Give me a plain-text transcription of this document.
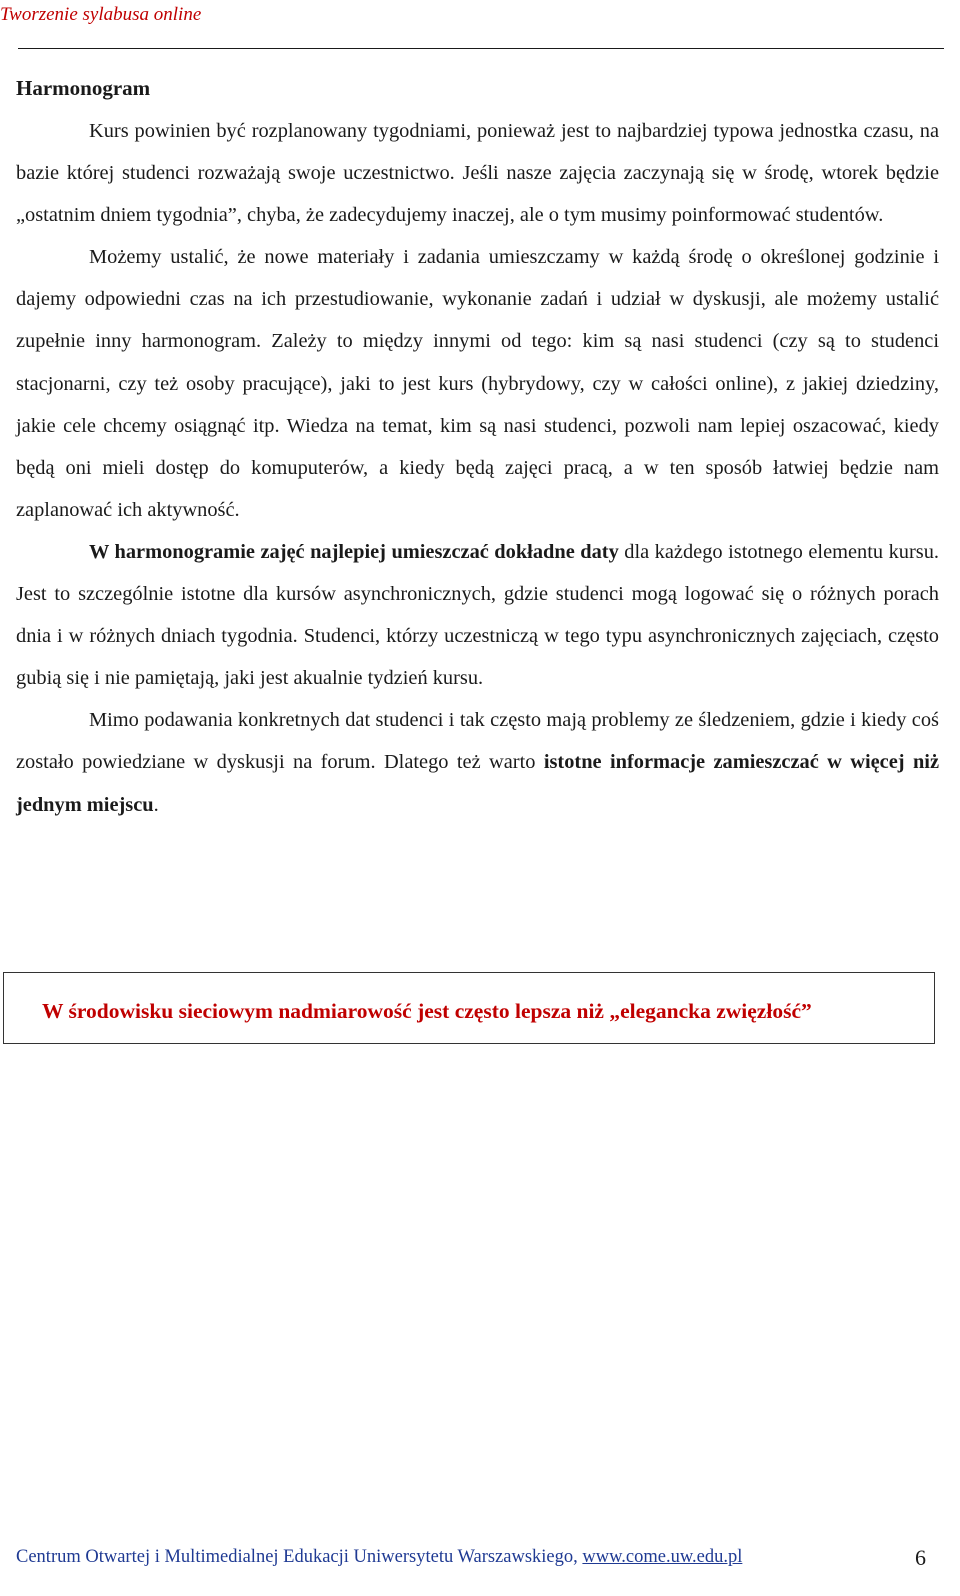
Tworzenie sylabusa online
Harmonogram

Kurs powinien być rozplanowany tygodniami, ponieważ jest to najbardziej typowa jednostka czasu, na bazie której studenci rozważają swoje uczestnictwo. Jeśli nasze zajęcia zaczynają się w środę, wtorek będzie „ostatnim dniem tygodnia”, chyba, że zadecydujemy inaczej, ale o tym musimy poinformować studentów.

Możemy ustalić, że nowe materiały i zadania umieszczamy w każdą środę o określonej godzinie i dajemy odpowiedni czas na ich przestudiowanie, wykonanie zadań i udział w dyskusji, ale możemy ustalić zupełnie inny harmonogram. Zależy to między innymi od tego: kim są nasi studenci (czy są to studenci stacjonarni, czy też osoby pracujące), jaki to jest kurs (hybrydowy, czy w całości online), z jakiej dziedziny, jakie cele chcemy osiągnąć itp. Wiedza na temat, kim są nasi studenci, pozwoli nam lepiej oszacować, kiedy będą oni mieli dostęp do komuputerów, a kiedy będą zajęci pracą, a w ten sposób łatwiej będzie nam zaplanować ich aktywność.

W harmonogramie zajęć najlepiej umieszczać dokładne daty dla każdego istotnego elementu kursu. Jest to szczególnie istotne dla kursów asynchronicznych, gdzie studenci mogą logować się o różnych porach dnia i w różnych dniach tygodnia. Studenci, którzy uczestniczą w tego typu asynchronicznych zajęciach, często gubią się i nie pamiętają, jaki jest akualnie tydzień kursu.

Mimo podawania konkretnych dat studenci i tak często mają problemy ze śledzeniem, gdzie i kiedy coś zostało powiedziane w dyskusji na forum. Dlatego też warto istotne informacje zamieszczać w więcej niż jednym miejscu.

W środowisku sieciowym nadmiarowość jest często lepsza niż „elegancka zwięzłość”
Centrum Otwartej i Multimedialnej Edukacji Uniwersytetu Warszawskiego, www.come.uw.edu.pl	6
